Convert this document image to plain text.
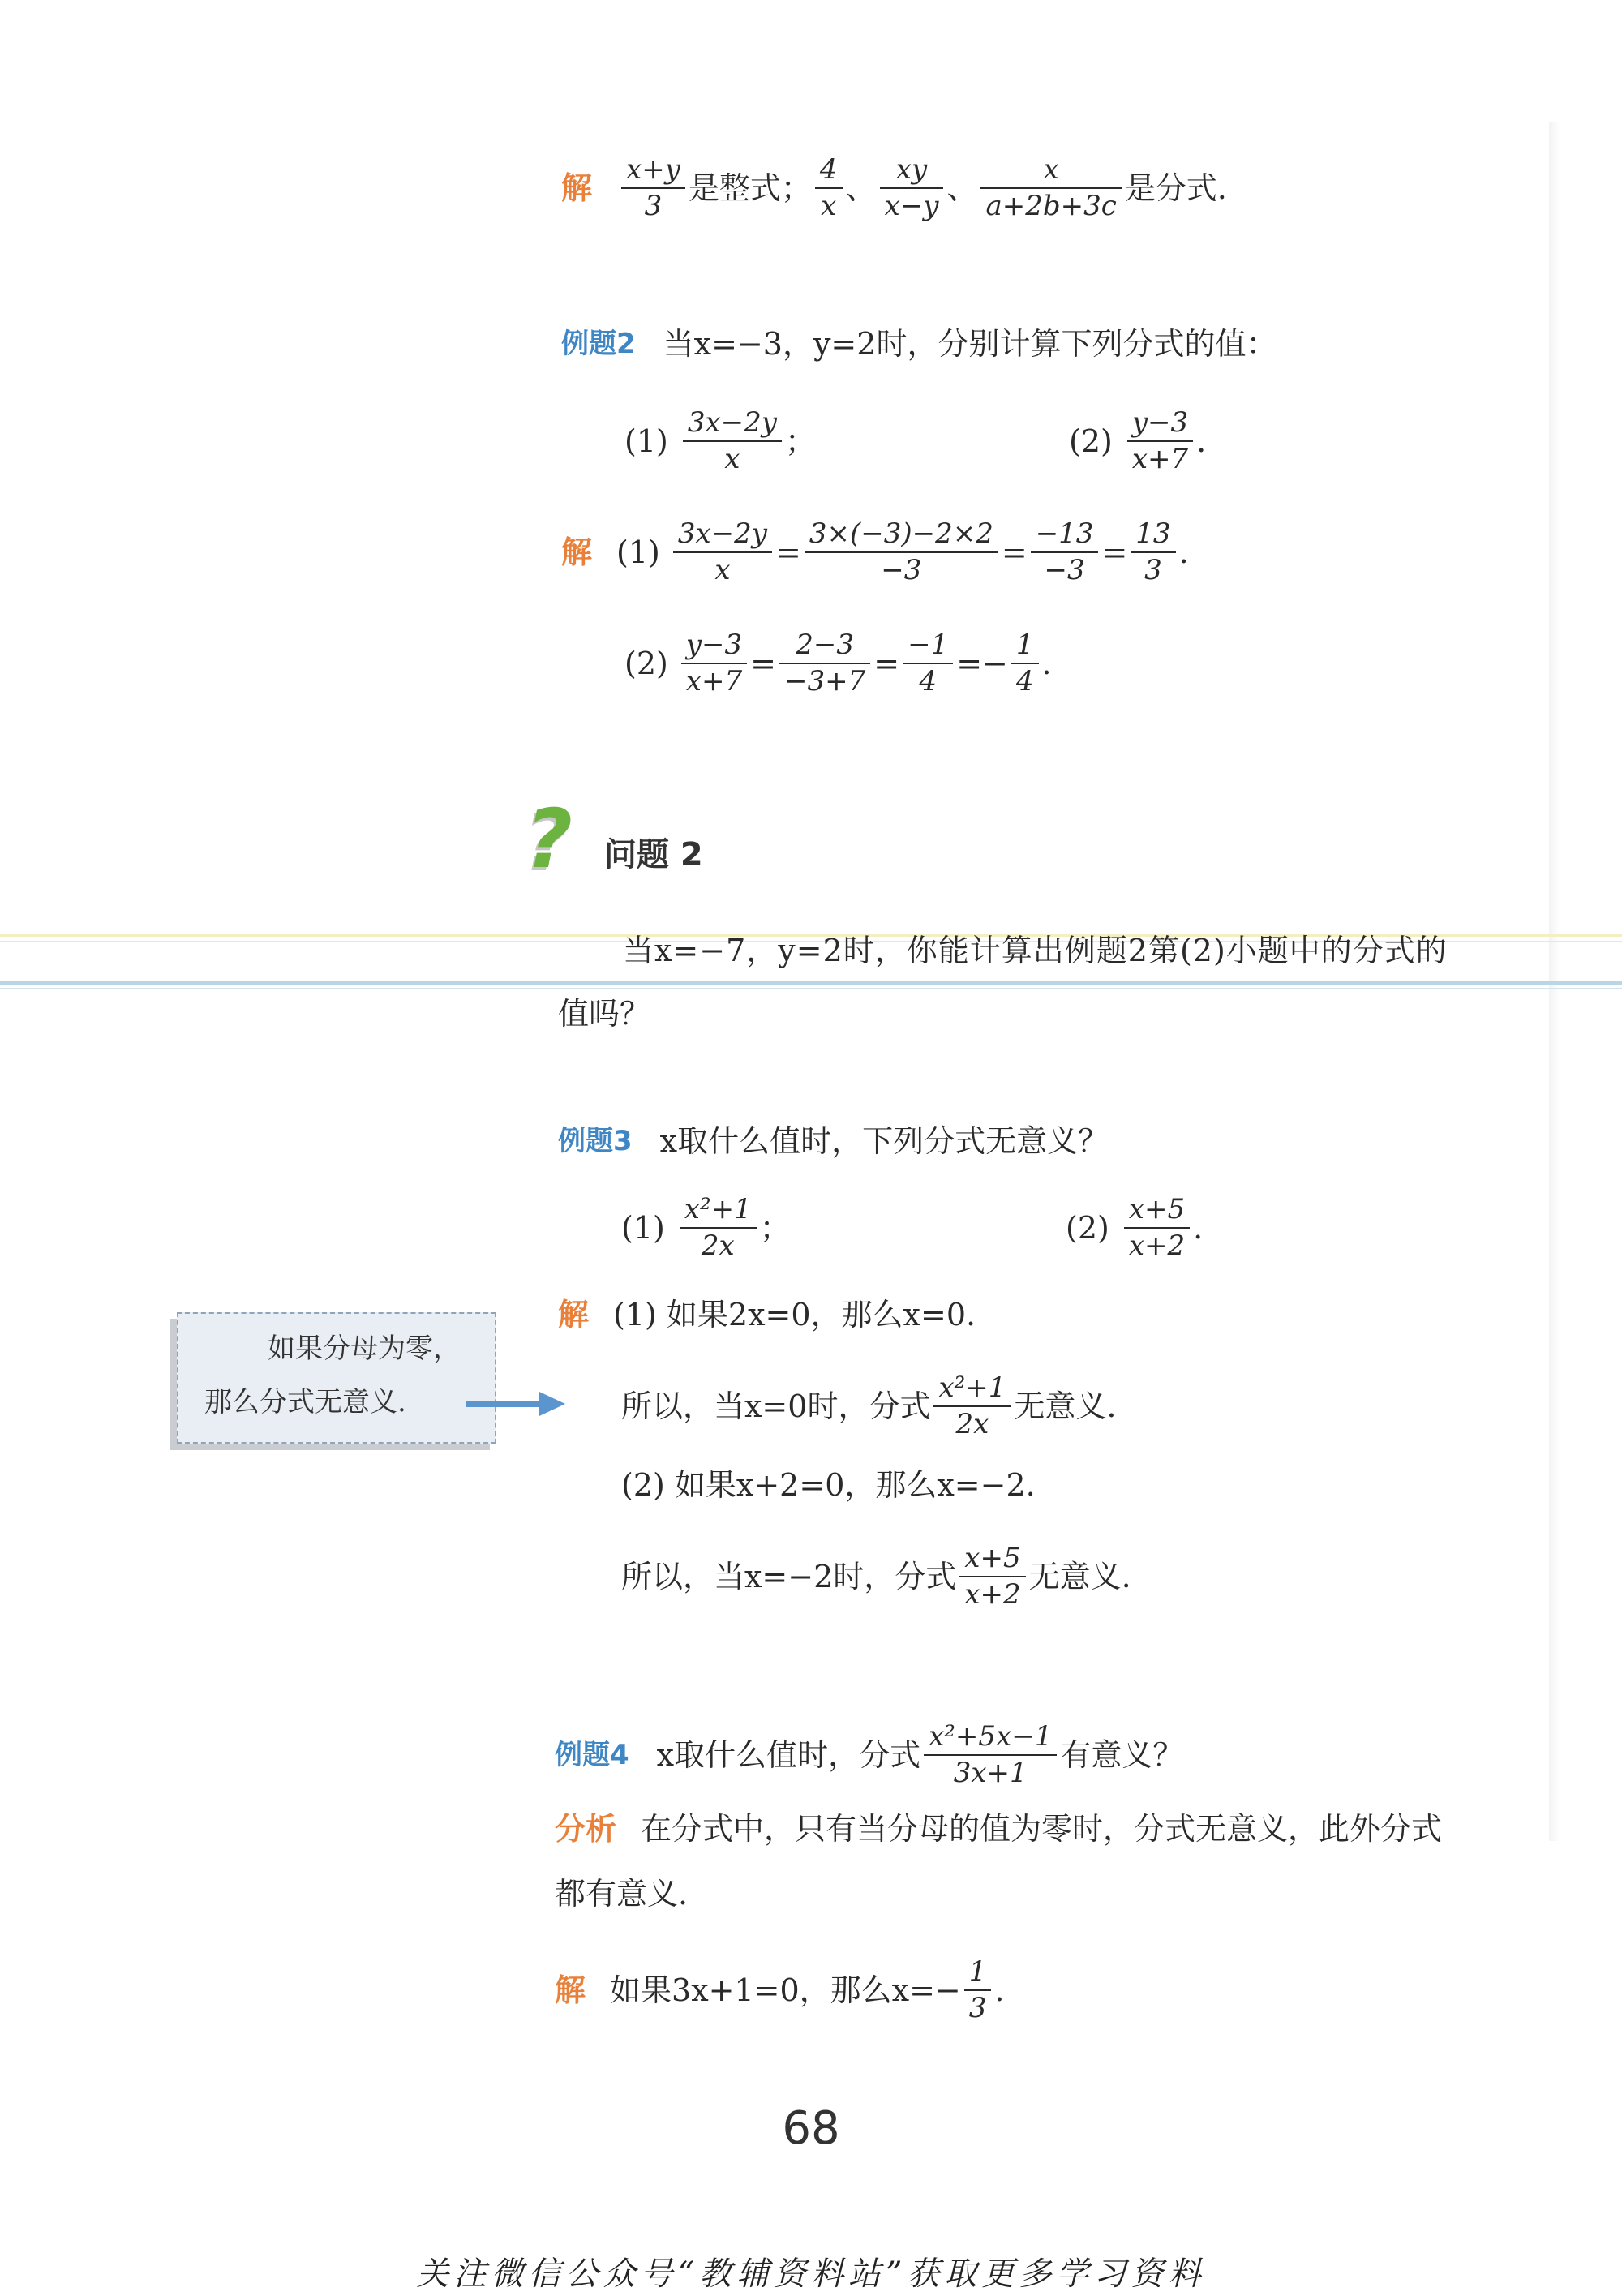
解 $\frac{x+y}{3}$ 是整式； $\frac{4}{x}$ 、 $\frac{xy}{x-y}$ 、 $\frac{x}{a+2b+3c}$ 是分式.
例题2 当x=−3，y=2时，分别计算下列分式的值：
$(1) \frac{3x-2y}{x}$ ；	$(2) \frac{y-3}{x+7}$ .
解 $(1) \frac{3x-2y}{x} = \frac{3\times(-3)-2\times 2}{-3} = \frac{-13}{-3} = \frac{13}{3}$ .
$(2) \frac{y-3}{x+7} = \frac{2-3}{-3+7} = \frac{-1}{4} =- \frac{1}{4}$ .
? 问题 2
当x=−7，y=2时，你能计算出例题2第(2)小题中的分式的
值吗？
例题3 x取什么值时，下列分式无意义？
$(1) \frac{\text{x²+1}}{2x}$ ；	$(2) \frac{x+5}{x+2}$ .
解 (1) 如果2x=0，那么x=0.
所以，当x=0时，分式 $\frac{\text{x²+1}}{2x}$ 无意义.
(2) 如果x+2=0，那么x=−2.
所以，当x=−2时，分式 $\frac{x+5}{x+2}$ 无意义.
如果分母为零，
那么分式无意义.
例题4 x取什么值时，分式 $\frac{\text{x²+5x−1}}{3x+1}$ 有意义？
分析 在分式中，只有当分母的值为零时，分式无意义，此外分式
都有意义.
解 如果3x+1=0，那么$x=- \frac{1}{3}$ .
68
关注微信公众号“教辅资料站”获取更多学习资料
